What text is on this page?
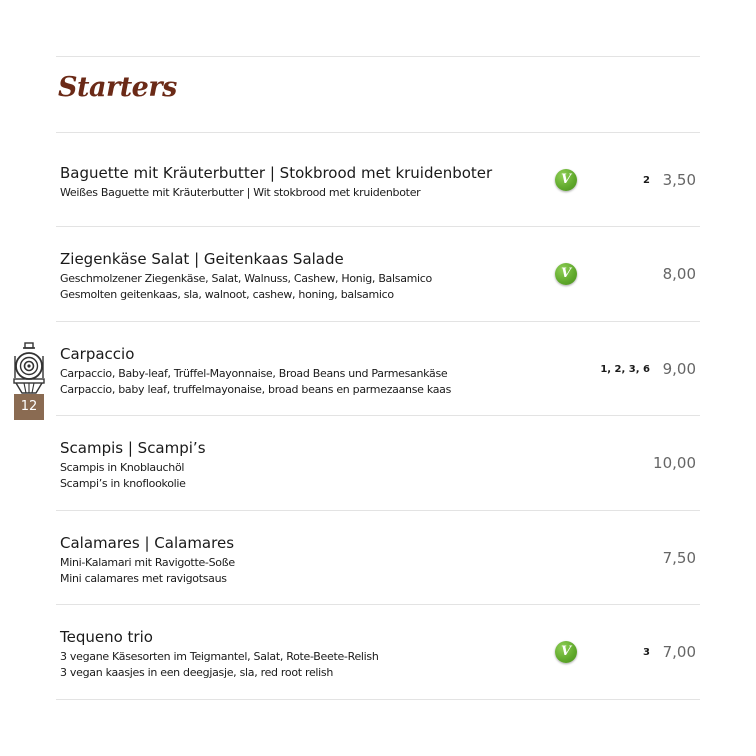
Starters
Baguette mit Kräuterbutter | Stokbrood met kruidenboter
Weißes Baguette mit Kräuterbutter | Wit stokbrood met kruidenboter
V	2 3,50
Ziegenkäse Salat | Geitenkaas Salade
Geschmolzener Ziegenkäse, Salat, Walnuss, Cashew, Honig, Balsamico
Gesmolten geitenkaas, sla, walnoot, cashew, honing, balsamico
V	8,00
Carpaccio
Carpaccio, Baby-leaf, Trüffel-Mayonnaise, Broad Beans und Parmesankäse
Carpaccio, baby leaf, truffelmayonaise, broad beans en parmezaanse kaas
1, 2, 3, 6 9,00
Scampis | Scampi’s
Scampis in Knoblauchöl
Scampi’s in knoflookolie
10,00
Calamares | Calamares
Mini-Kalamari mit Ravigotte-Soße
Mini calamares met ravigotsaus
7,50
Tequeno trio
3 vegane Käsesorten im Teigmantel, Salat, Rote-Beete-Relish
3 vegan kaasjes in een deegjasje, sla, red root relish
V	3 7,00
12
